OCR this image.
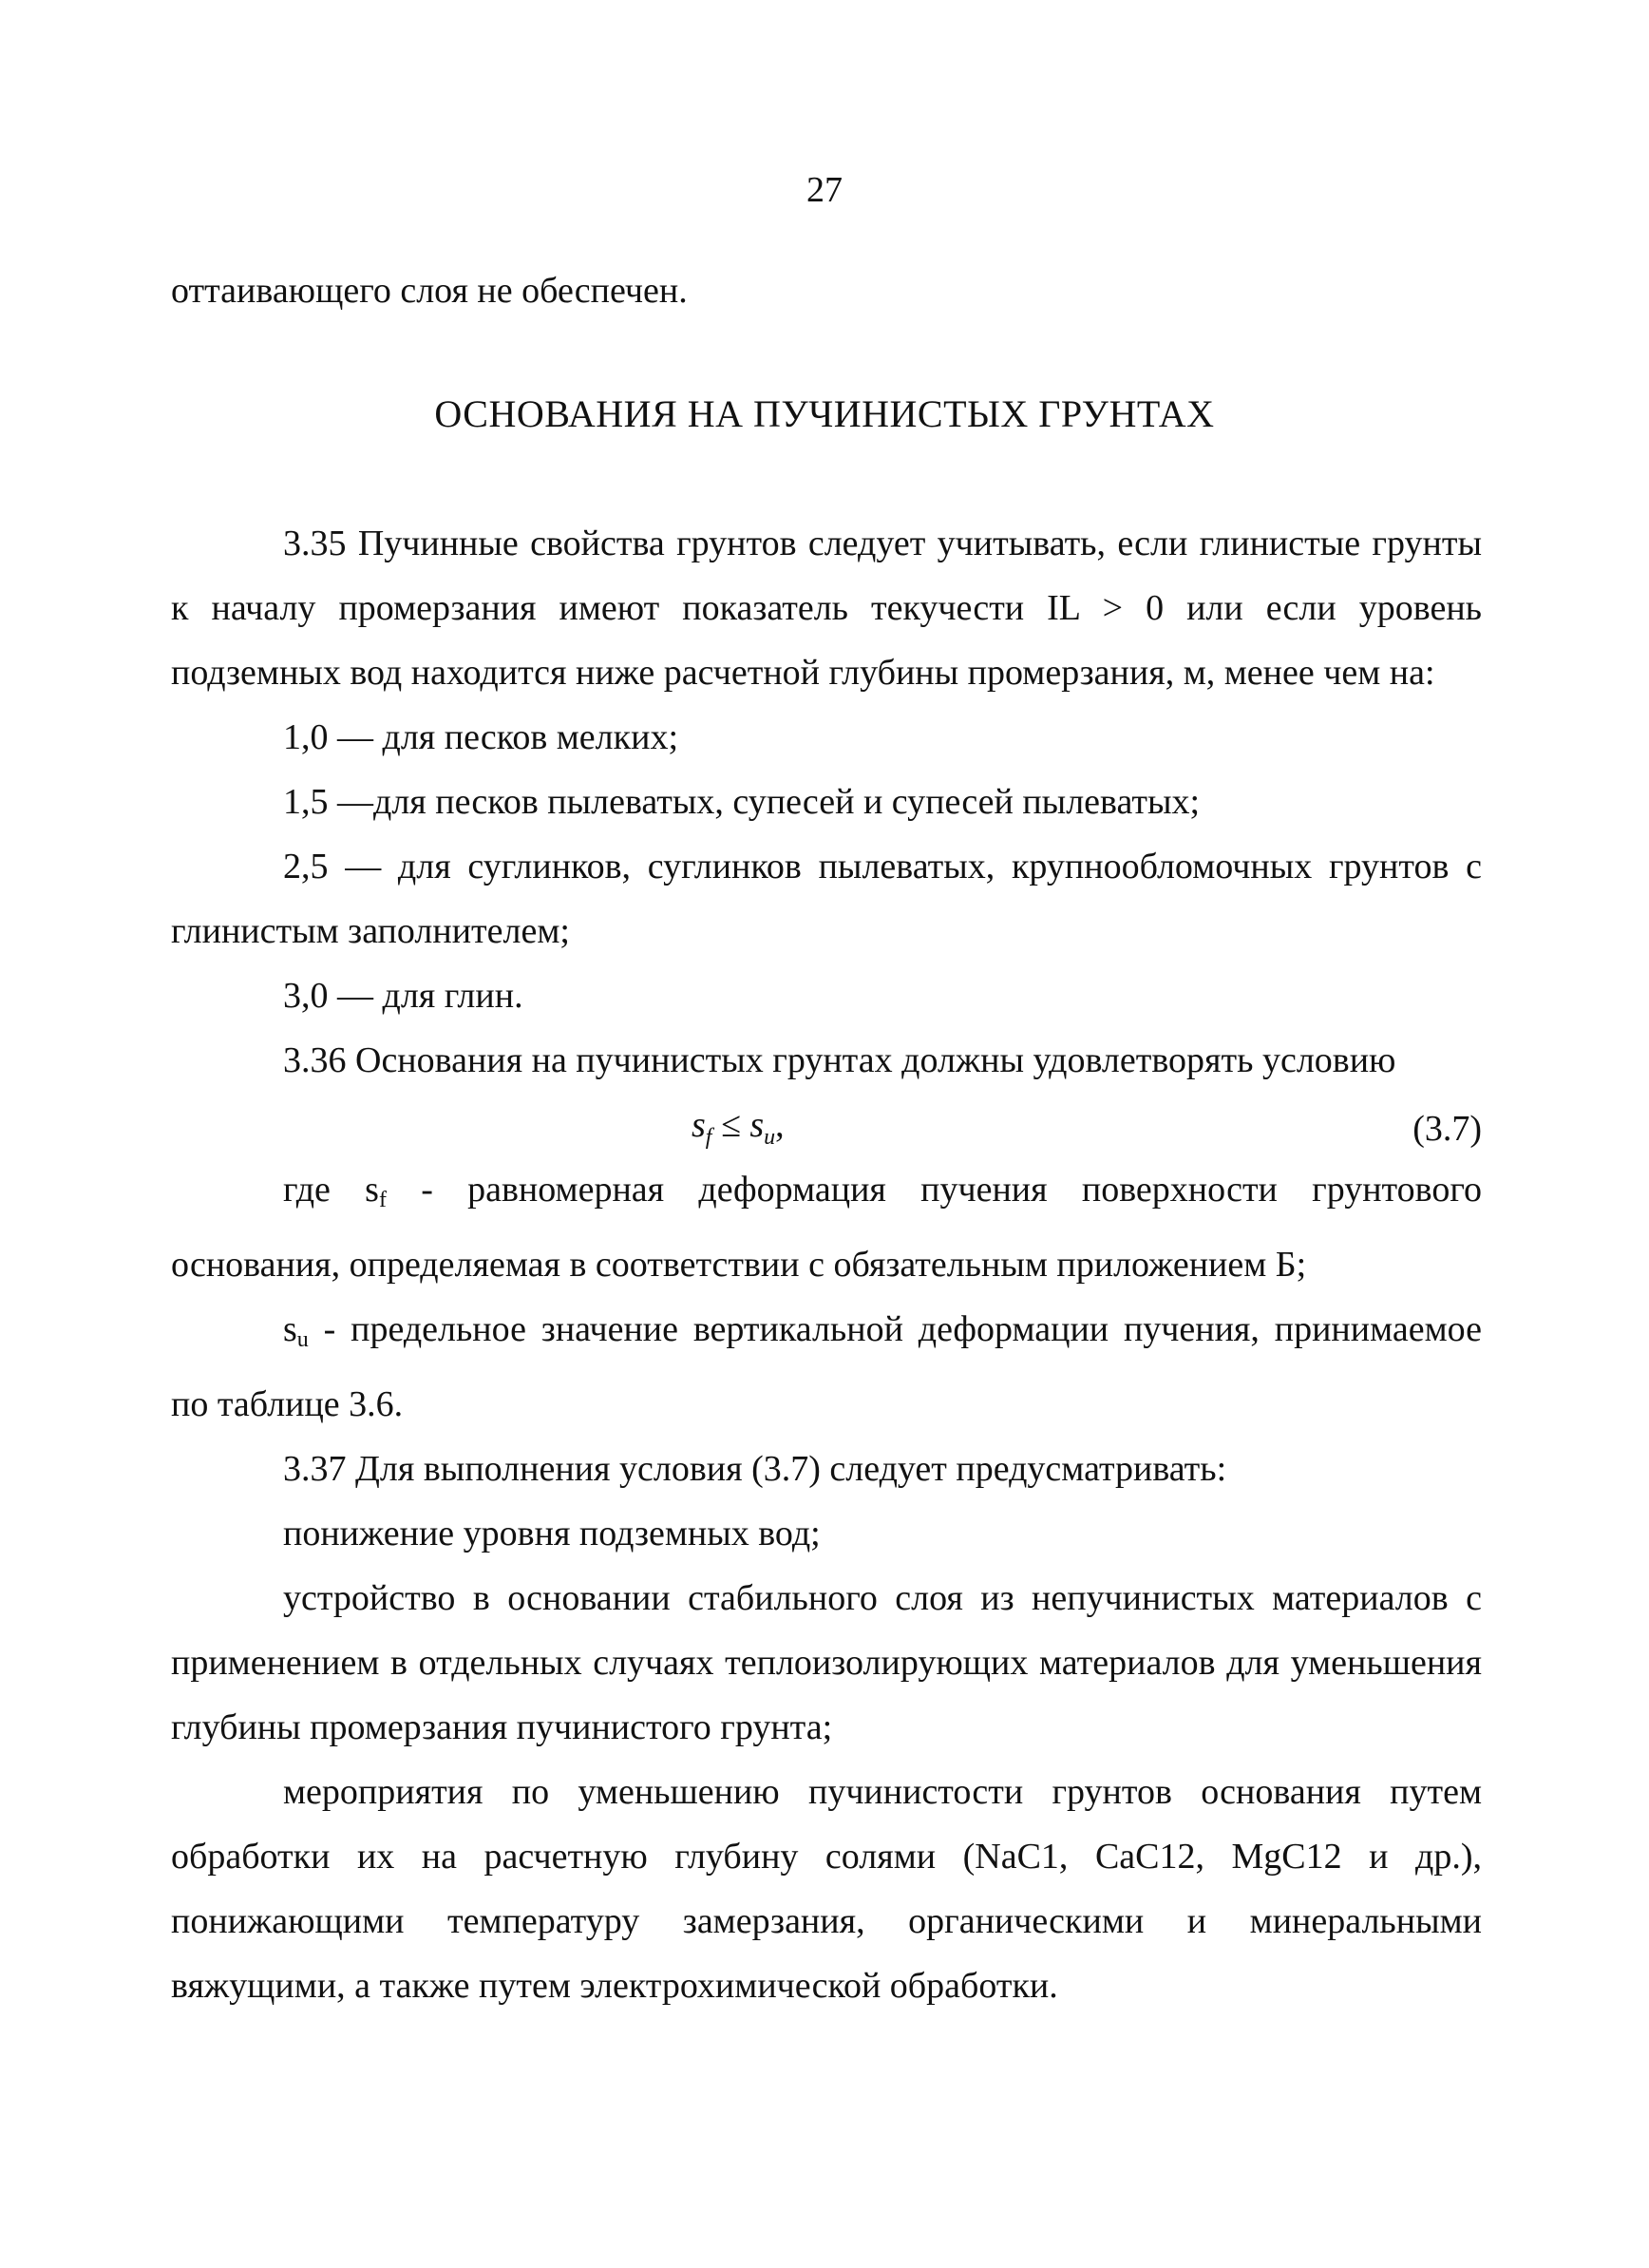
27

оттаивающего слоя не обеспечен.

ОСНОВАНИЯ НА ПУЧИНИСТЫХ ГРУНТАХ

3.35 Пучинные свойства грунтов следует учитывать, если глинистые грунты к началу промерзания имеют показатель текучести IL > 0 или если уровень подземных вод находится ниже расчетной глубины промерзания, м, менее чем на:

1,0 — для песков мелких;

1,5 —для песков пылеватых, супесей и супесей пылеватых;

2,5 — для суглинков, суглинков пылеватых, крупнообломочных грунтов с глинистым заполнителем;

3,0 — для глин.

3.36 Основания на пучинистых грунтах должны удовлетворять условию

$s_f \le s_u$,	(3.7)

где sf - равномерная деформация пучения поверхности грунтового основания, определяемая в соответствии с обязательным приложением Б;

su - предельное значение вертикальной деформации пучения, принимаемое по таблице 3.6.

3.37 Для выполнения условия (3.7) следует предусматривать:

понижение уровня подземных вод;

устройство в основании стабильного слоя из непучинистых материалов с применением в отдельных случаях теплоизолирующих материалов для уменьшения глубины промерзания пучинистого грунта;

мероприятия по уменьшению пучинистости грунтов основания путем обработки их на расчетную глубину солями (NaC1, CaC12, MgC12 и др.), понижающими температуру замерзания, органическими и минеральными вяжущими, а также путем электрохимической обработки.
